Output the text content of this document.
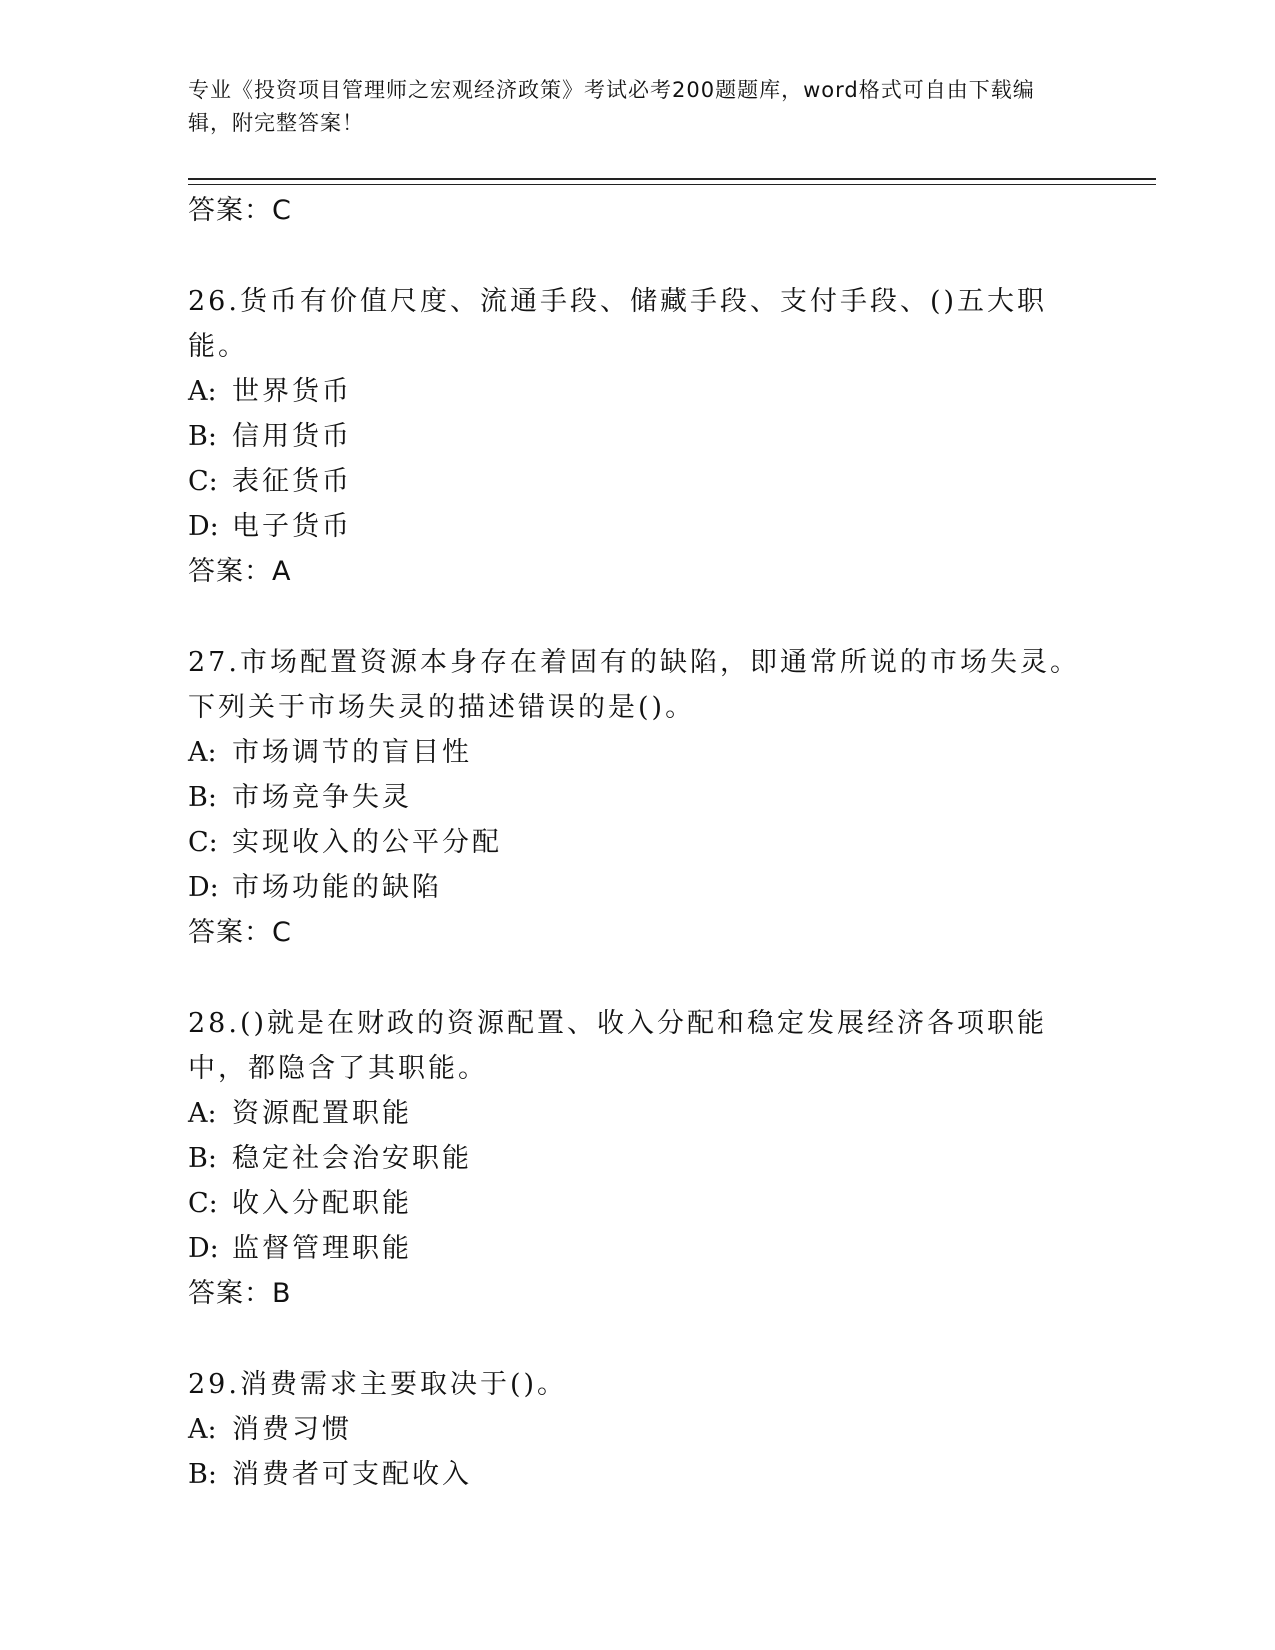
专业《投资项目管理师之宏观经济政策》考试必考200题题库，word格式可自由下载编辑，附完整答案！
答案：C
26.货币有价值尺度、流通手段、储藏手段、支付手段、()五大职能。
A: 世界货币
B: 信用货币
C: 表征货币
D: 电子货币
答案：A
27.市场配置资源本身存在着固有的缺陷，即通常所说的市场失灵。下列关于市场失灵的描述错误的是()。
A: 市场调节的盲目性
B: 市场竞争失灵
C: 实现收入的公平分配
D: 市场功能的缺陷
答案：C
28.()就是在财政的资源配置、收入分配和稳定发展经济各项职能中，都隐含了其职能。
A: 资源配置职能
B: 稳定社会治安职能
C: 收入分配职能
D: 监督管理职能
答案：B
29.消费需求主要取决于()。
A: 消费习惯
B: 消费者可支配收入
